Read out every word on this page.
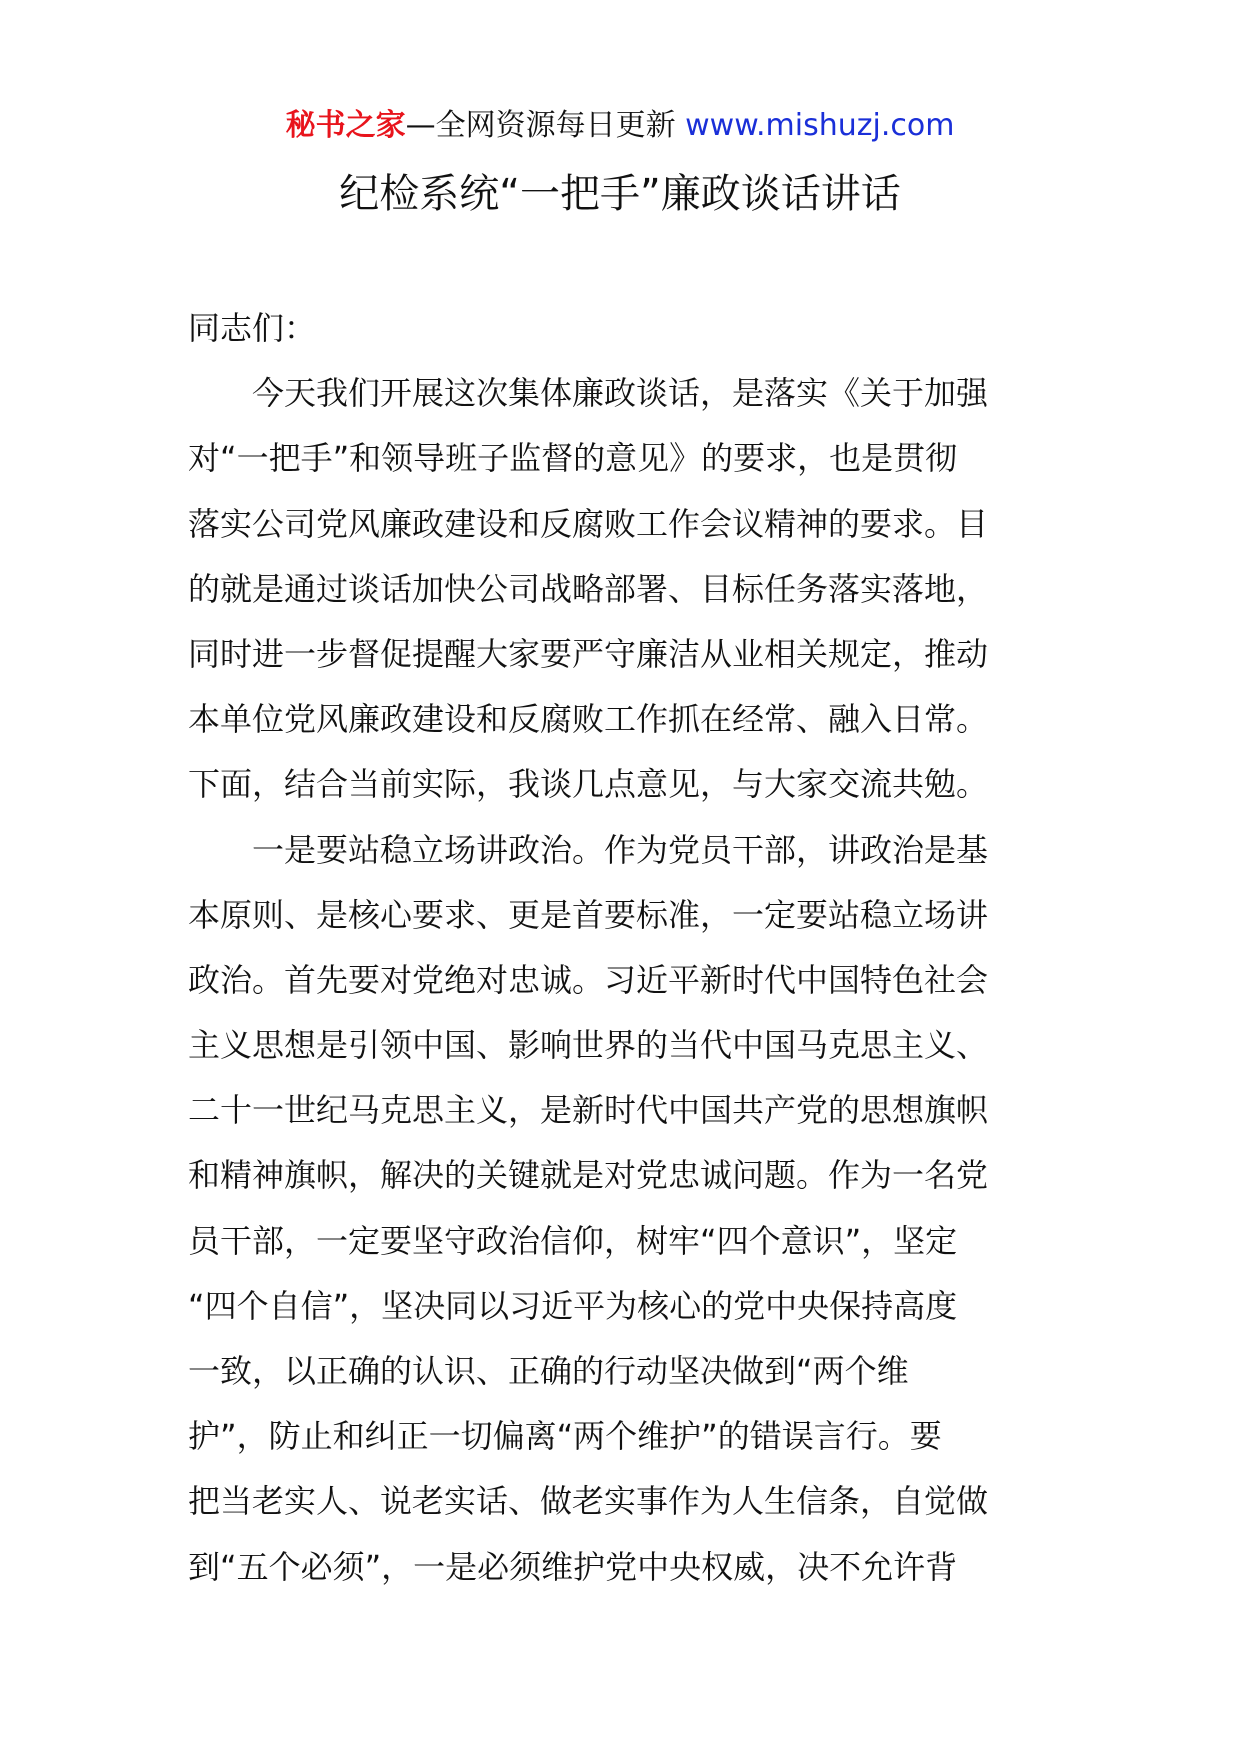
秘书之家—全网资源每日更新 www.mishuzj.com
纪检系统“一把手”廉政谈话讲话
同志们：
今天我们开展这次集体廉政谈话，是落实《关于加强
对“一把手”和领导班子监督的意见》的要求，也是贯彻
落实公司党风廉政建设和反腐败工作会议精神的要求。目
的就是通过谈话加快公司战略部署、目标任务落实落地，
同时进一步督促提醒大家要严守廉洁从业相关规定，推动
本单位党风廉政建设和反腐败工作抓在经常、融入日常。
下面，结合当前实际，我谈几点意见，与大家交流共勉。
一是要站稳立场讲政治。作为党员干部，讲政治是基
本原则、是核心要求、更是首要标准，一定要站稳立场讲
政治。首先要对党绝对忠诚。习近平新时代中国特色社会
主义思想是引领中国、影响世界的当代中国马克思主义、
二十一世纪马克思主义，是新时代中国共产党的思想旗帜
和精神旗帜，解决的关键就是对党忠诚问题。作为一名党
员干部，一定要坚守政治信仰，树牢“四个意识”，坚定
“四个自信”，坚决同以习近平为核心的党中央保持高度
一致，以正确的认识、正确的行动坚决做到“两个维
护”，防止和纠正一切偏离“两个维护”的错误言行。要
把当老实人、说老实话、做老实事作为人生信条，自觉做
到“五个必须”，一是必须维护党中央权威，决不允许背
